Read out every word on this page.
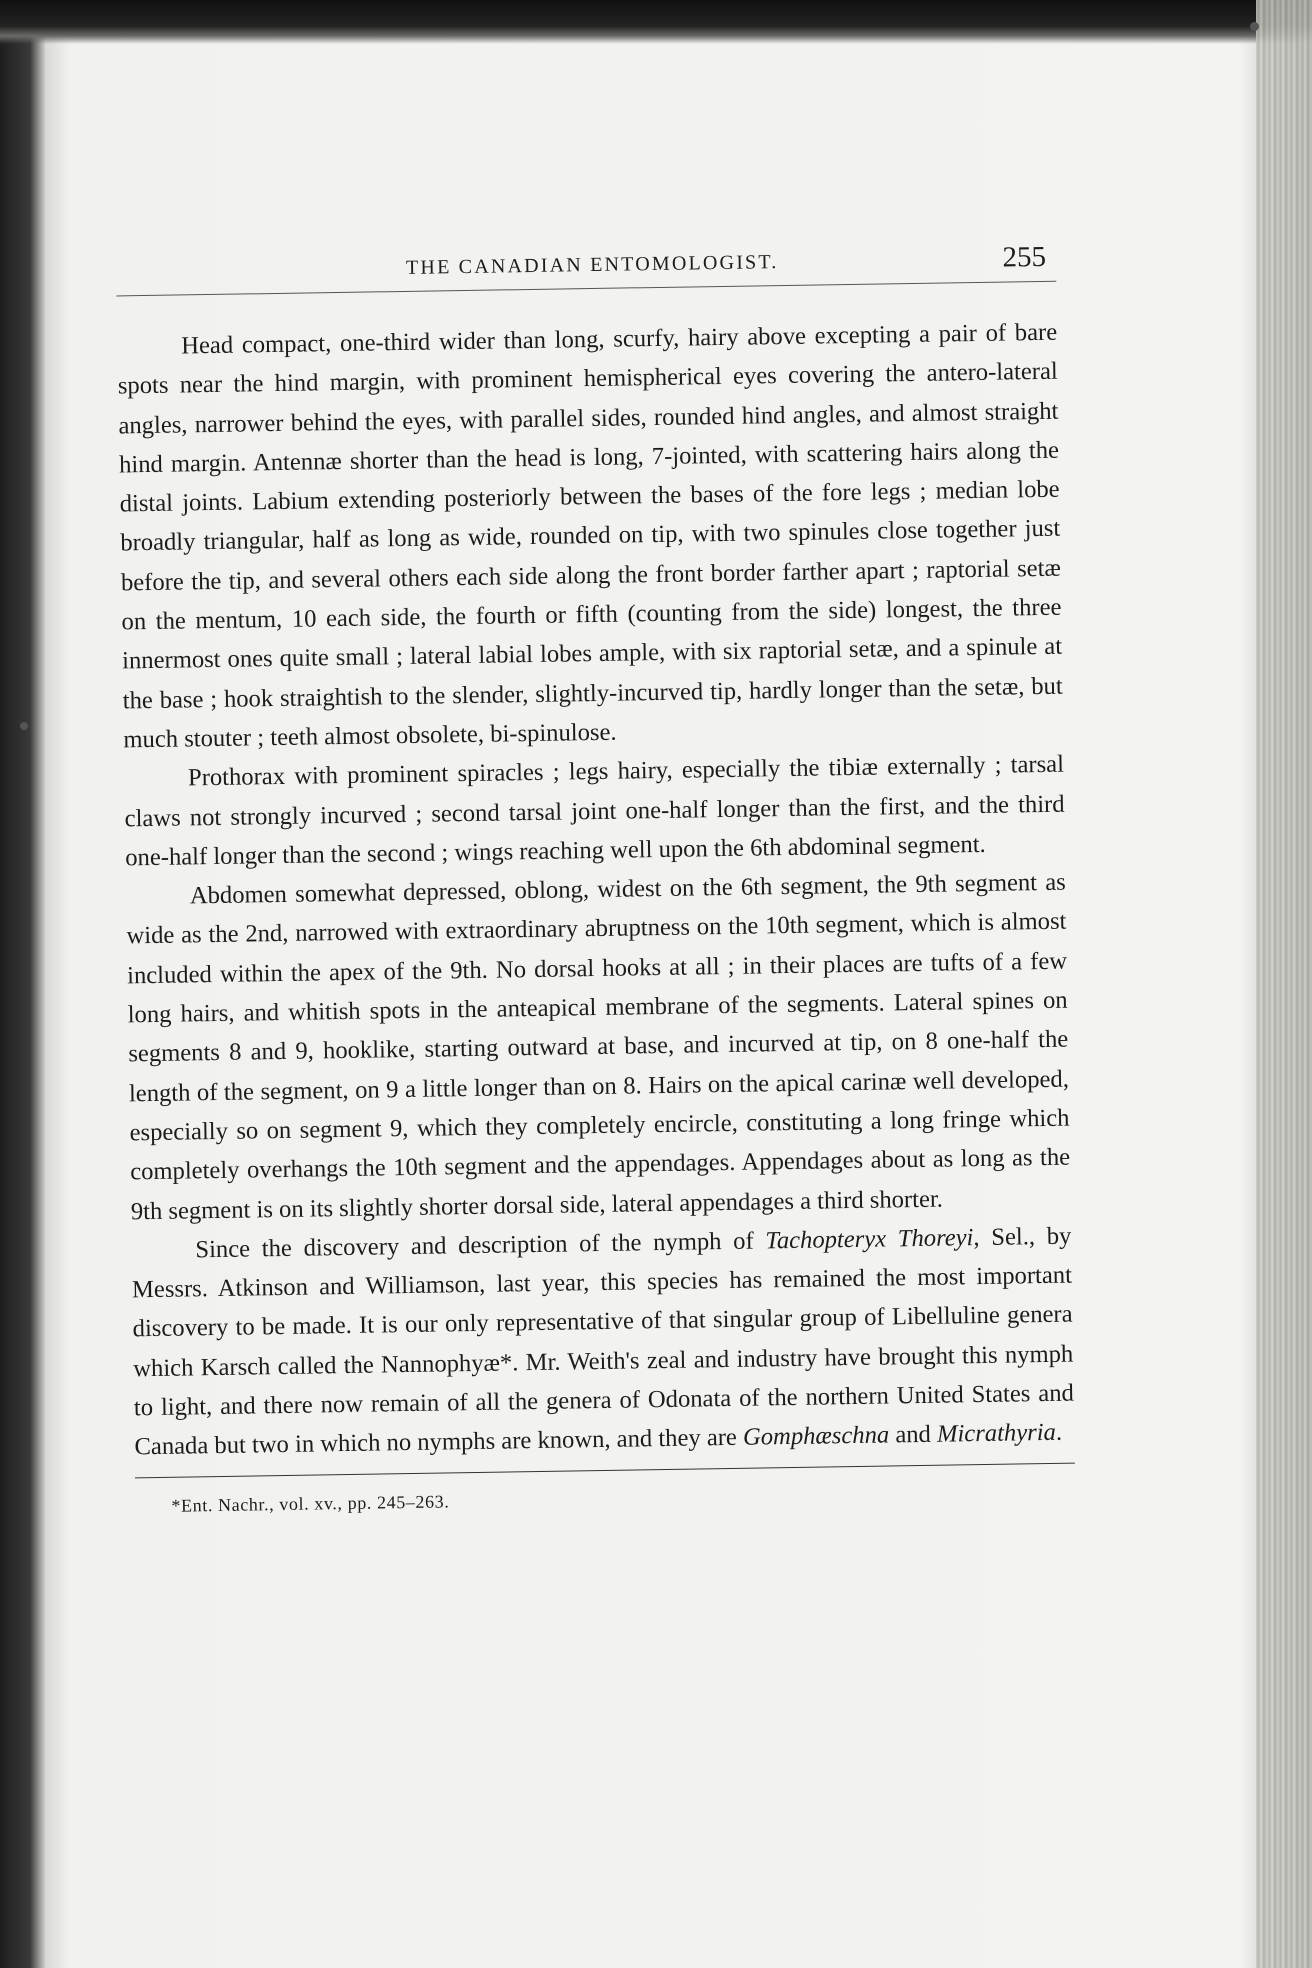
THE CANADIAN ENTOMOLOGIST.	255

Head compact, one-third wider than long, scurfy, hairy above excepting a pair of bare spots near the hind margin, with prominent hemispherical eyes covering the antero-lateral angles, narrower behind the eyes, with parallel sides, rounded hind angles, and almost straight hind margin. Antennæ shorter than the head is long, 7-jointed, with scattering hairs along the distal joints. Labium extending posteriorly between the bases of the fore legs ; median lobe broadly triangular, half as long as wide, rounded on tip, with two spinules close together just before the tip, and several others each side along the front border farther apart ; raptorial setæ on the mentum, 10 each side, the fourth or fifth (counting from the side) longest, the three innermost ones quite small ; lateral labial lobes ample, with six raptorial setæ, and a spinule at the base ; hook straightish to the slender, slightly-incurved tip, hardly longer than the setæ, but much stouter ; teeth almost obsolete, bi-spinulose.

Prothorax with prominent spiracles ; legs hairy, especially the tibiæ externally ; tarsal claws not strongly incurved ; second tarsal joint one-half longer than the first, and the third one-half longer than the second ; wings reaching well upon the 6th abdominal segment.

Abdomen somewhat depressed, oblong, widest on the 6th segment, the 9th segment as wide as the 2nd, narrowed with extraordinary abruptness on the 10th segment, which is almost included within the apex of the 9th. No dorsal hooks at all ; in their places are tufts of a few long hairs, and whitish spots in the anteapical membrane of the segments. Lateral spines on segments 8 and 9, hooklike, starting outward at base, and incurved at tip, on 8 one-half the length of the segment, on 9 a little longer than on 8. Hairs on the apical carinæ well developed, especially so on segment 9, which they completely encircle, constituting a long fringe which completely overhangs the 10th segment and the appendages. Appendages about as long as the 9th segment is on its slightly shorter dorsal side, lateral appendages a third shorter.

Since the discovery and description of the nymph of Tachopteryx Thoreyi, Sel., by Messrs. Atkinson and Williamson, last year, this species has remained the most important discovery to be made. It is our only representative of that singular group of Libelluline genera which Karsch called the Nannophyæ*. Mr. Weith's zeal and industry have brought this nymph to light, and there now remain of all the genera of Odonata of the northern United States and Canada but two in which no nymphs are known, and they are Gomphæschna and Micrathyria.

*Ent. Nachr., vol. xv., pp. 245–263.
